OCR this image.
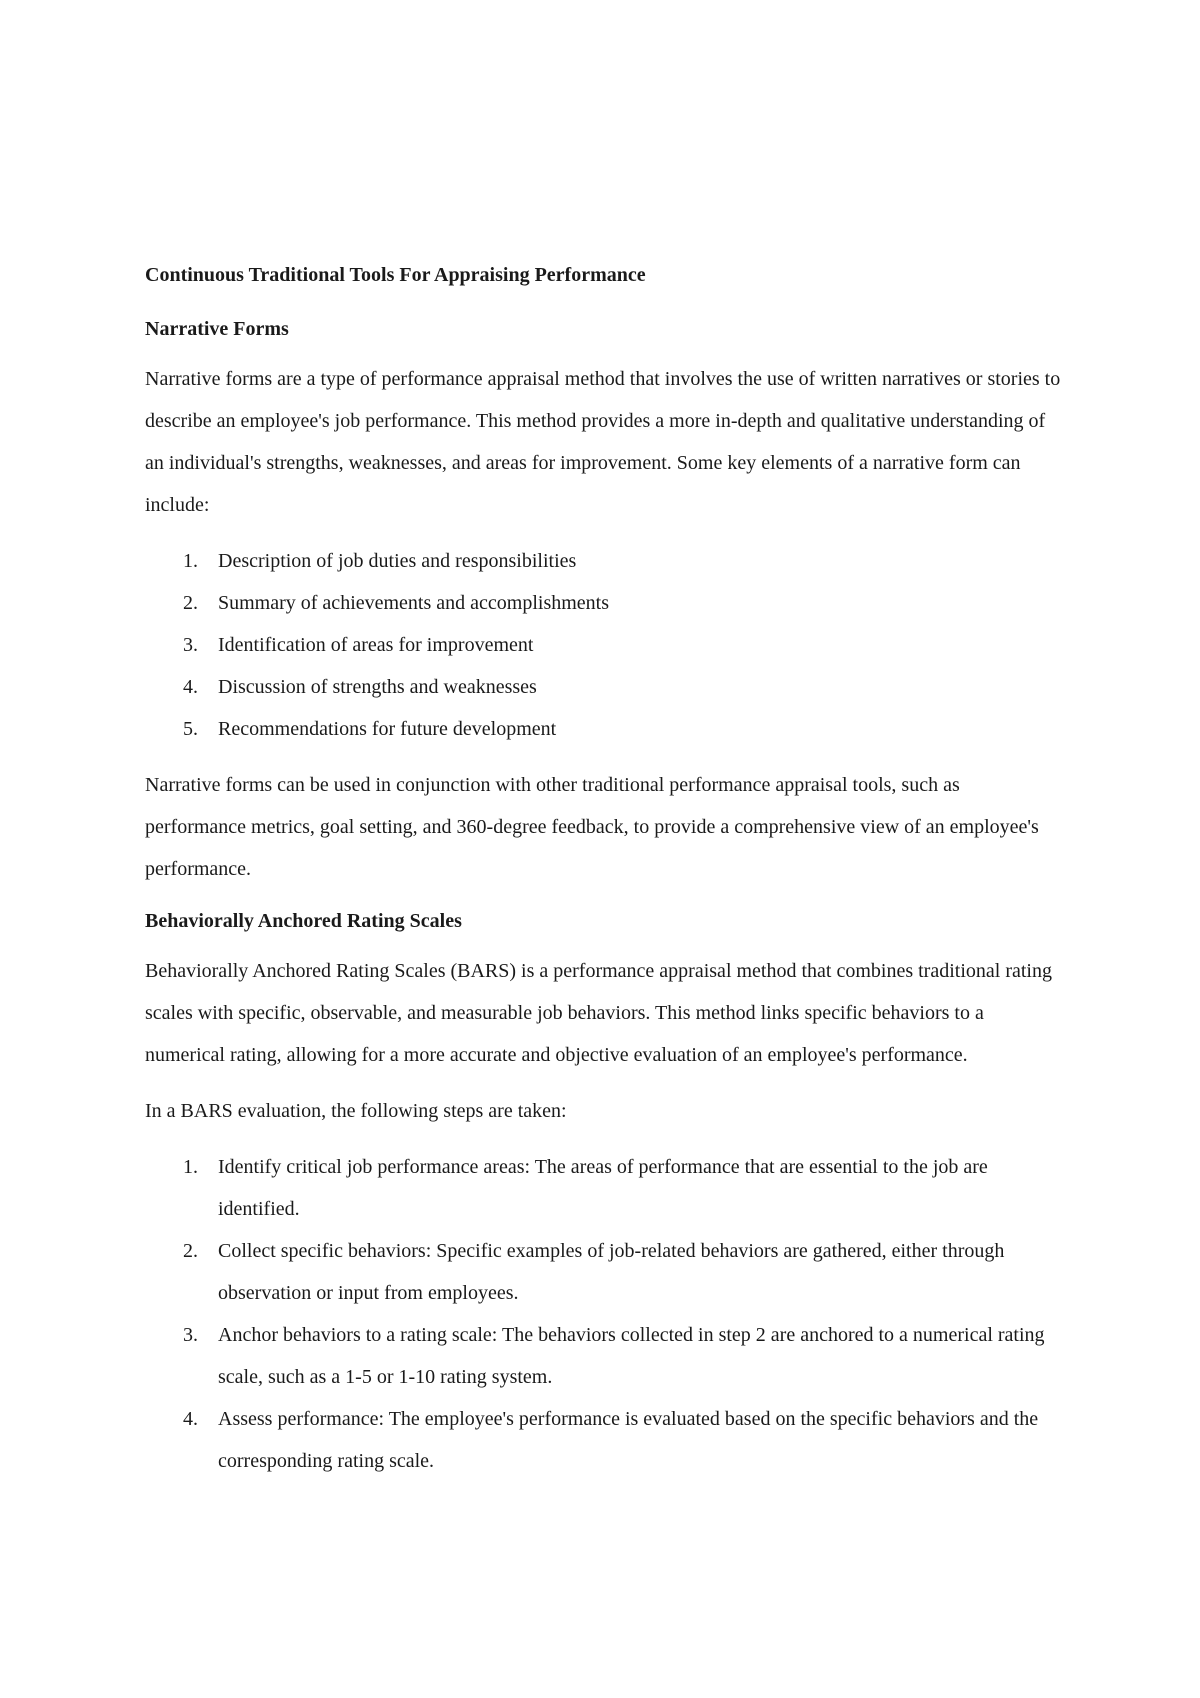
Continuous Traditional Tools For Appraising Performance
Narrative Forms

Narrative forms are a type of performance appraisal method that involves the use of written narratives or stories to describe an employee's job performance. This method provides a more in-depth and qualitative understanding of an individual's strengths, weaknesses, and areas for improvement. Some key elements of a narrative form can include:

1. Description of job duties and responsibilities
2. Summary of achievements and accomplishments
3. Identification of areas for improvement
4. Discussion of strengths and weaknesses
5. Recommendations for future development

Narrative forms can be used in conjunction with other traditional performance appraisal tools, such as performance metrics, goal setting, and 360-degree feedback, to provide a comprehensive view of an employee's performance.

Behaviorally Anchored Rating Scales

Behaviorally Anchored Rating Scales (BARS) is a performance appraisal method that combines traditional rating scales with specific, observable, and measurable job behaviors. This method links specific behaviors to a numerical rating, allowing for a more accurate and objective evaluation of an employee's performance.

In a BARS evaluation, the following steps are taken:

1. Identify critical job performance areas: The areas of performance that are essential to the job are identified.
2. Collect specific behaviors: Specific examples of job-related behaviors are gathered, either through observation or input from employees.
3. Anchor behaviors to a rating scale: The behaviors collected in step 2 are anchored to a numerical rating scale, such as a 1-5 or 1-10 rating system.
4. Assess performance: The employee's performance is evaluated based on the specific behaviors and the corresponding rating scale.
